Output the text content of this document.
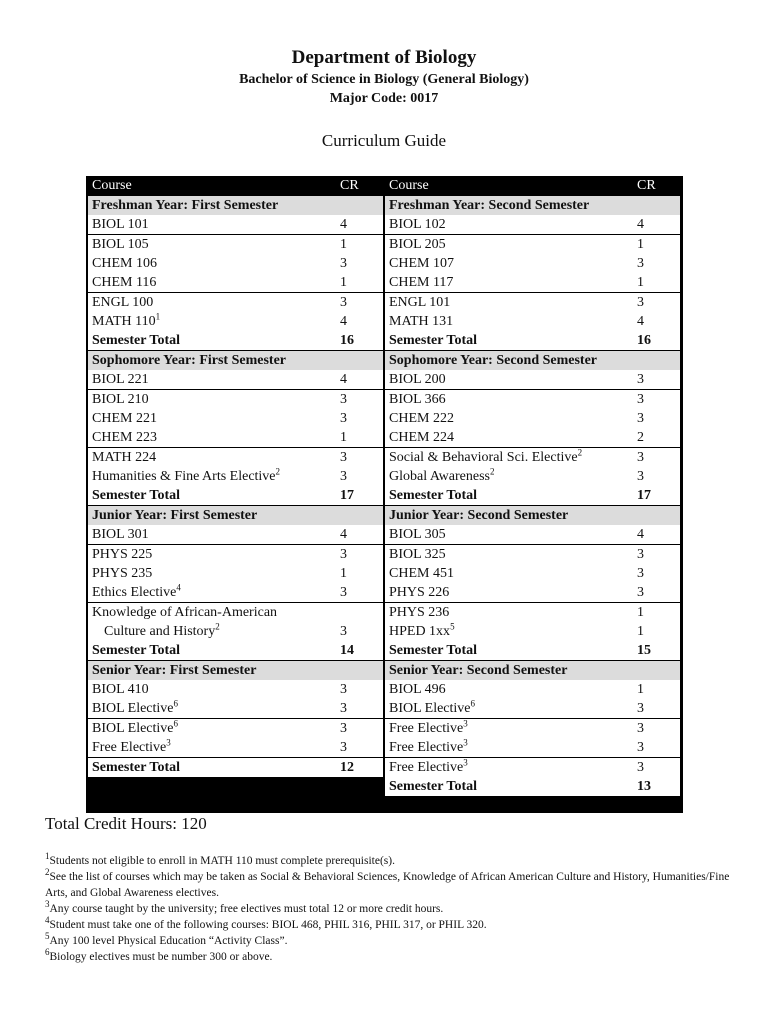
Department of Biology
Bachelor of Science in Biology (General Biology)
Major Code: 0017
Curriculum Guide
Course	CR
Freshman Year: First Semester
BIOL 101	4
BIOL 105	1
CHEM 106	3
CHEM 116	1
ENGL 100	3
MATH $110^1$	4
Semester Total	16
Sophomore Year: First Semester
BIOL 221	4
BIOL 210	3
CHEM 221	3
CHEM 223	1
MATH 224	3
Humanities & Fine Arts Elective$^2$	3
Semester Total	17
Junior Year: First Semester
BIOL 301	4
PHYS 225	3
PHYS 235	1
Ethics Elective$^4$	3
Knowledge of African-American
Culture and History$^2$	3
Semester Total	14
Senior Year: First Semester
BIOL 410	3
BIOL Elective$^6$	3
BIOL Elective$^6$	3
Free Elective$^3$	3
Semester Total	12
Course	CR
Freshman Year: Second Semester
BIOL 102	4
BIOL 205	1
CHEM 107	3
CHEM 117	1
ENGL 101	3
MATH 131	4
Semester Total	16
Sophomore Year: Second Semester
BIOL 200	3
BIOL 366	3
CHEM 222	3
CHEM 224	2
Social & Behavioral Sci. Elective$^2$	3
Global Awareness$^2$	3
Semester Total	17
Junior Year: Second Semester
BIOL 305	4
BIOL 325	3
CHEM 451	3
PHYS 226	3
PHYS 236	1
HPED $1xx^5$	1
Semester Total	15
Senior Year: Second Semester
BIOL 496	1
BIOL Elective$^6$	3
Free Elective$^3$	3
Free Elective$^3$	3
Free Elective$^3$	3
Semester Total	13
Total Credit Hours: 120

$^1$Students not eligible to enroll in MATH 110 must complete prerequisite(s).

$^2$See the list of courses which may be taken as Social & Behavioral Sciences, Knowledge of African American Culture and History, Humanities/Fine Arts, and Global Awareness electives.

$^3$Any course taught by the university; free electives must total 12 or more credit hours.

$^4$Student must take one of the following courses: BIOL 468, PHIL 316, PHIL 317, or PHIL 320.

$^5$Any 100 level Physical Education “Activity Class”.

$^6$Biology electives must be number 300 or above.
